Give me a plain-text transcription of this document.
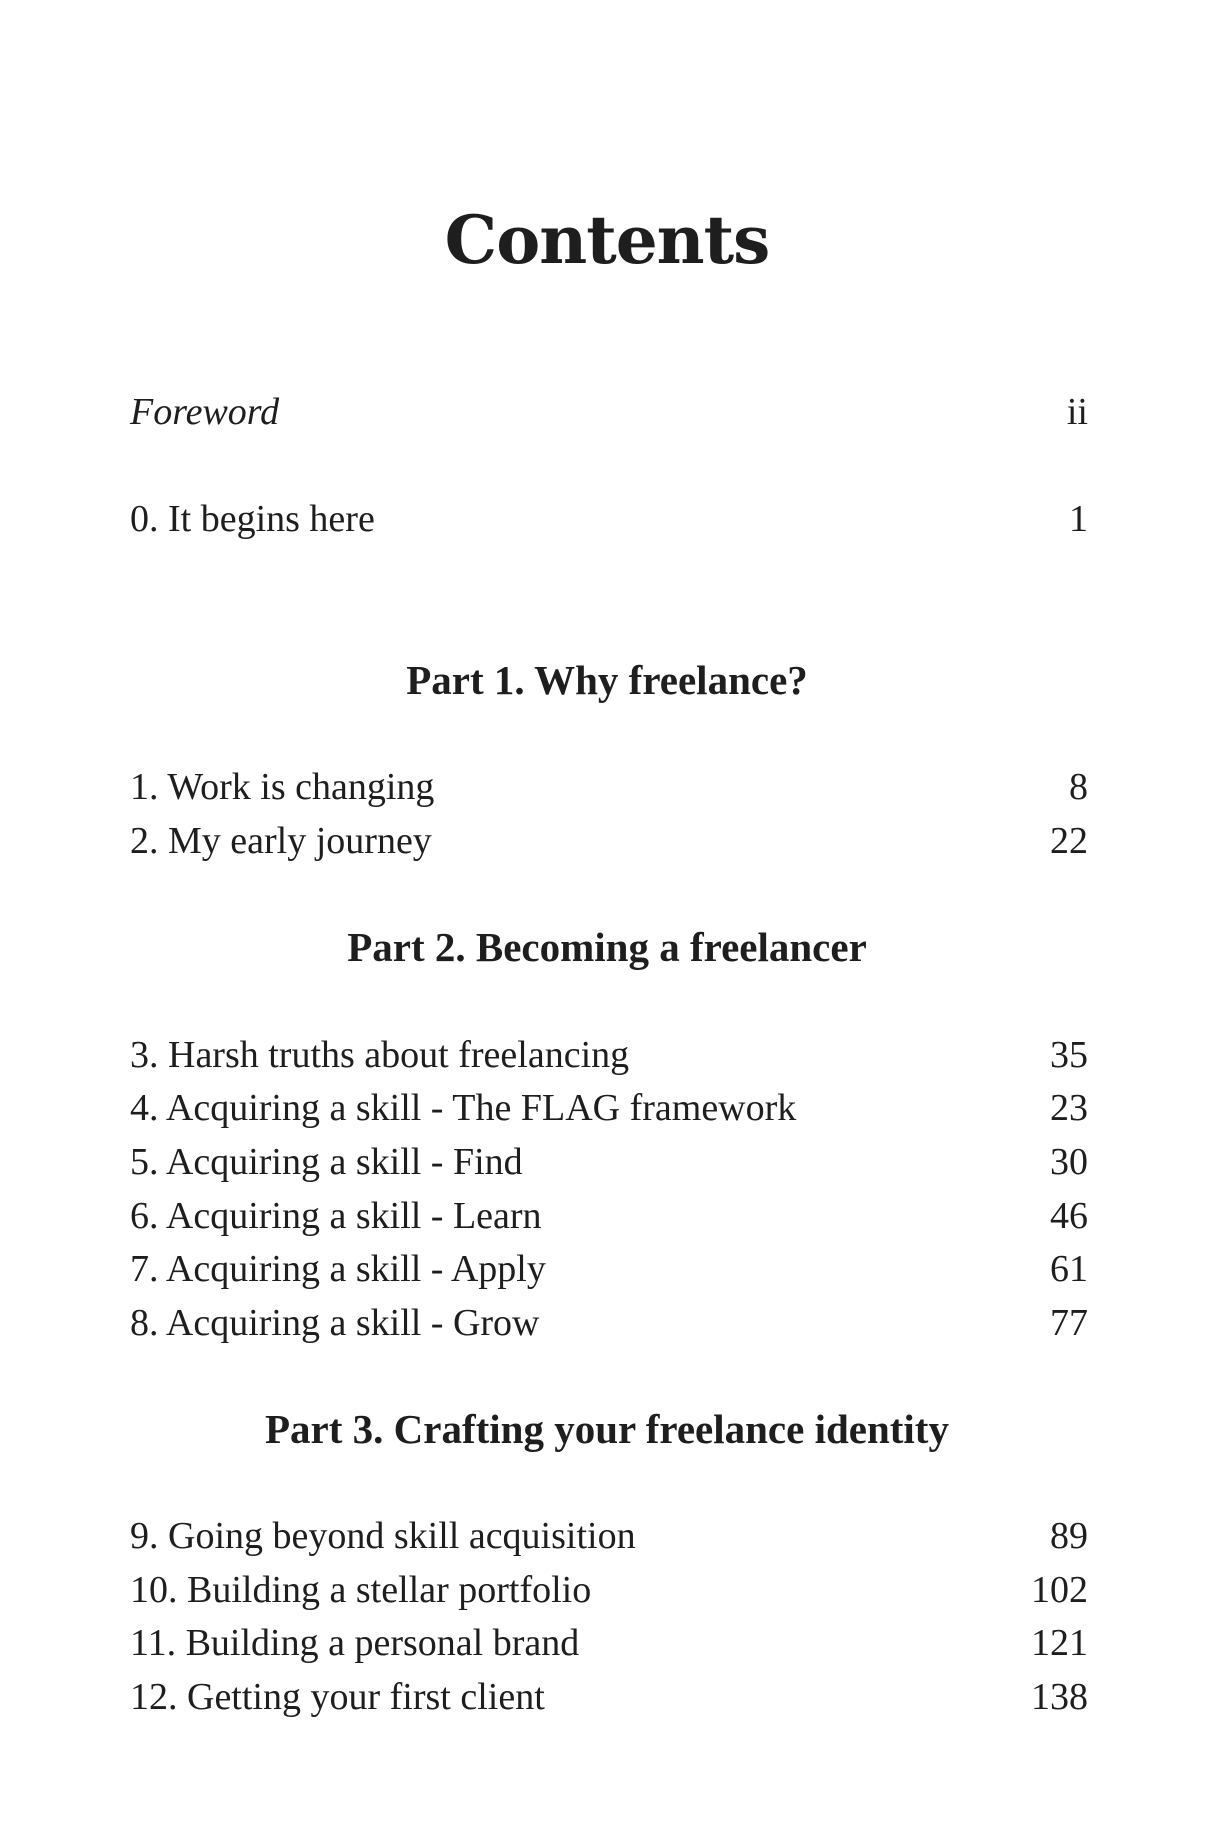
Contents
Foreword	ii
0. It begins here	1
Part 1. Why freelance?
1. Work is changing	8
2. My early journey	22
Part 2. Becoming a freelancer
3. Harsh truths about freelancing	35
4. Acquiring a skill - The FLAG framework	23
5. Acquiring a skill - Find	30
6. Acquiring a skill - Learn	46
7. Acquiring a skill - Apply	61
8. Acquiring a skill - Grow	77
Part 3. Crafting your freelance identity
9. Going beyond skill acquisition	89
10. Building a stellar portfolio	102
11. Building a personal brand	121
12. Getting your first client	138
